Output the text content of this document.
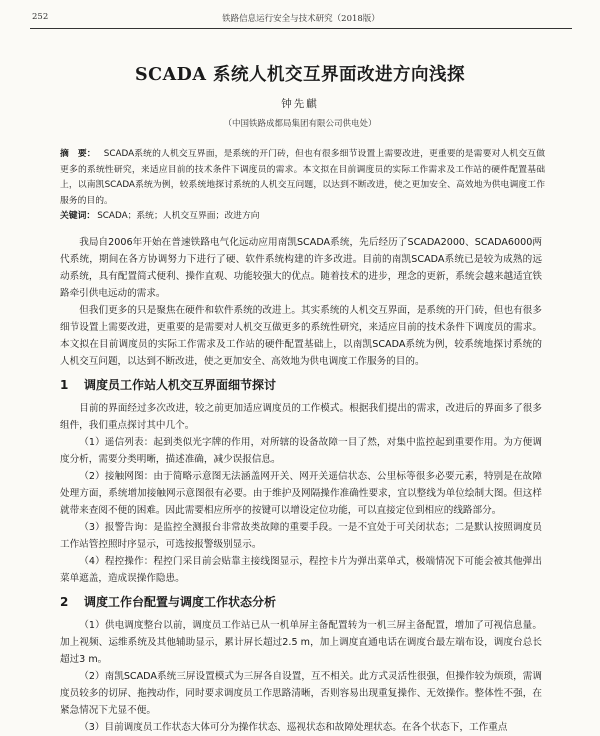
252	铁路信息运行安全与技术研究（2018版）
SCADA 系统人机交互界面改进方向浅探
钟先麒
（中国铁路成都局集团有限公司供电处）
摘　要： SCADA系统的人机交互界面，是系统的开门砖，但也有很多细节设置上需要改进，更重要的是需要对人机交互做更多的系统性研究，来适应目前的技术条件下调度员的需求。本文拟在目前调度员的实际工作需求及工作站的硬件配置基础上，以南凯SCADA系统为例，较系统地探讨系统的人机交互问题，以达到不断改进，使之更加安全、高效地为供电调度工作服务的目的。
关键词： SCADA；系统；人机交互界面；改进方向

我局自2006年开始在普速铁路电气化远动应用南凯SCADA系统，先后经历了SCADA2000、SCADA6000两代系统，期间在各方协调努力下进行了硬、软件系统构建的许多改进。目前的南凯SCADA系统已是较为成熟的远动系统，具有配置简式便利、操作直观、功能较强大的优点。随着技术的进步，理念的更新，系统会越来越适宜铁路牵引供电远动的需求。

但我们更多的只是聚焦在硬件和软件系统的改进上。其实系统的人机交互界面，是系统的开门砖，但也有很多细节设置上需要改进，更重要的是需要对人机交互做更多的系统性研究，来适应目前的技术条件下调度员的需求。本文拟在目前调度员的实际工作需求及工作站的硬件配置基础上，以南凯SCADA系统为例，较系统地探讨系统的人机交互问题，以达到不断改进，使之更加安全、高效地为供电调度工作服务的目的。

1 调度员工作站人机交互界面细节探讨

目前的界面经过多次改进，较之前更加适应调度员的工作模式。根据我们提出的需求，改进后的界面多了很多组件，我们重点探讨其中几个。

（1）遥信列表：起到类似光字牌的作用，对所辖的设备故障一目了然，对集中监控起到重要作用。为方便调度分析，需要分类明晰，描述准确，减少误报信息。

（2）接触网图：由于简略示意图无法涵盖网开关、网开关遥信状态、公里标等很多必要元素，特别是在故障处理方面，系统增加接触网示意图很有必要。由于维护及网隔操作准确性要求，宜以整线为单位绘制大图。但这样就带来查阅不便的困难。因此需要相应所亭的按键可以增设定位功能，可以直接定位到相应的线路部分。

（3）报警告询：是监控全测报台非常故类故障的重要手段。一是不宜处于可关闭状态；二是默认按照调度员工作站管控照时序显示，可选按报警级别显示。

（4）程控操作：程控门采目前会贴靠主接线图显示，程控卡片为弹出菜单式，极端情况下可能会被其他弹出菜单遮盖，造成误操作隐患。

2 调度工作台配置与调度工作状态分析

（1）供电调度整台以前，调度员工作站已从一机单屏主备配置转为一机三屏主备配置，增加了可视信息量。加上视频、运维系统及其他辅助显示，累计屏长超过2.5 m，加上调度直通电话在调度台最左端布设，调度台总长超过3 m。

（2）南凯SCADA系统三屏设置模式为三屏各自设置，互不相关。此方式灵活性很强，但操作较为烦琐，需调度员较多的切屏、拖拽动作，同时要求调度员工作思路清晰，否则容易出现重复操作、无效操作。整体性不强，在紧急情况下尤显不便。

（3）目前调度员工作状态大体可分为操作状态、巡视状态和故障处理状态。在各个状态下，工作重点
